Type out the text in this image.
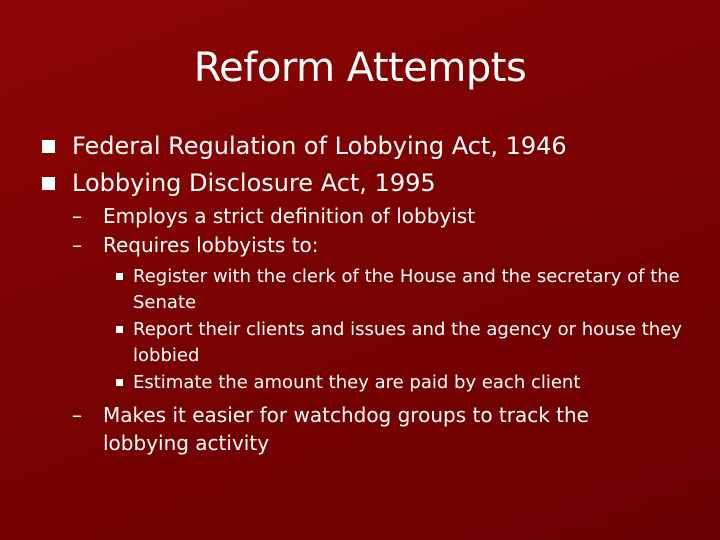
Reform Attempts
Federal Regulation of Lobbying Act, 1946
Lobbying Disclosure Act, 1995
– Employs a strict definition of lobbyist
– Requires lobbyists to:
Register with the clerk of the House and the secretary of the Senate
Report their clients and issues and the agency or house they lobbied
Estimate the amount they are paid by each client
– Makes it easier for watchdog groups to track the lobbying activity
